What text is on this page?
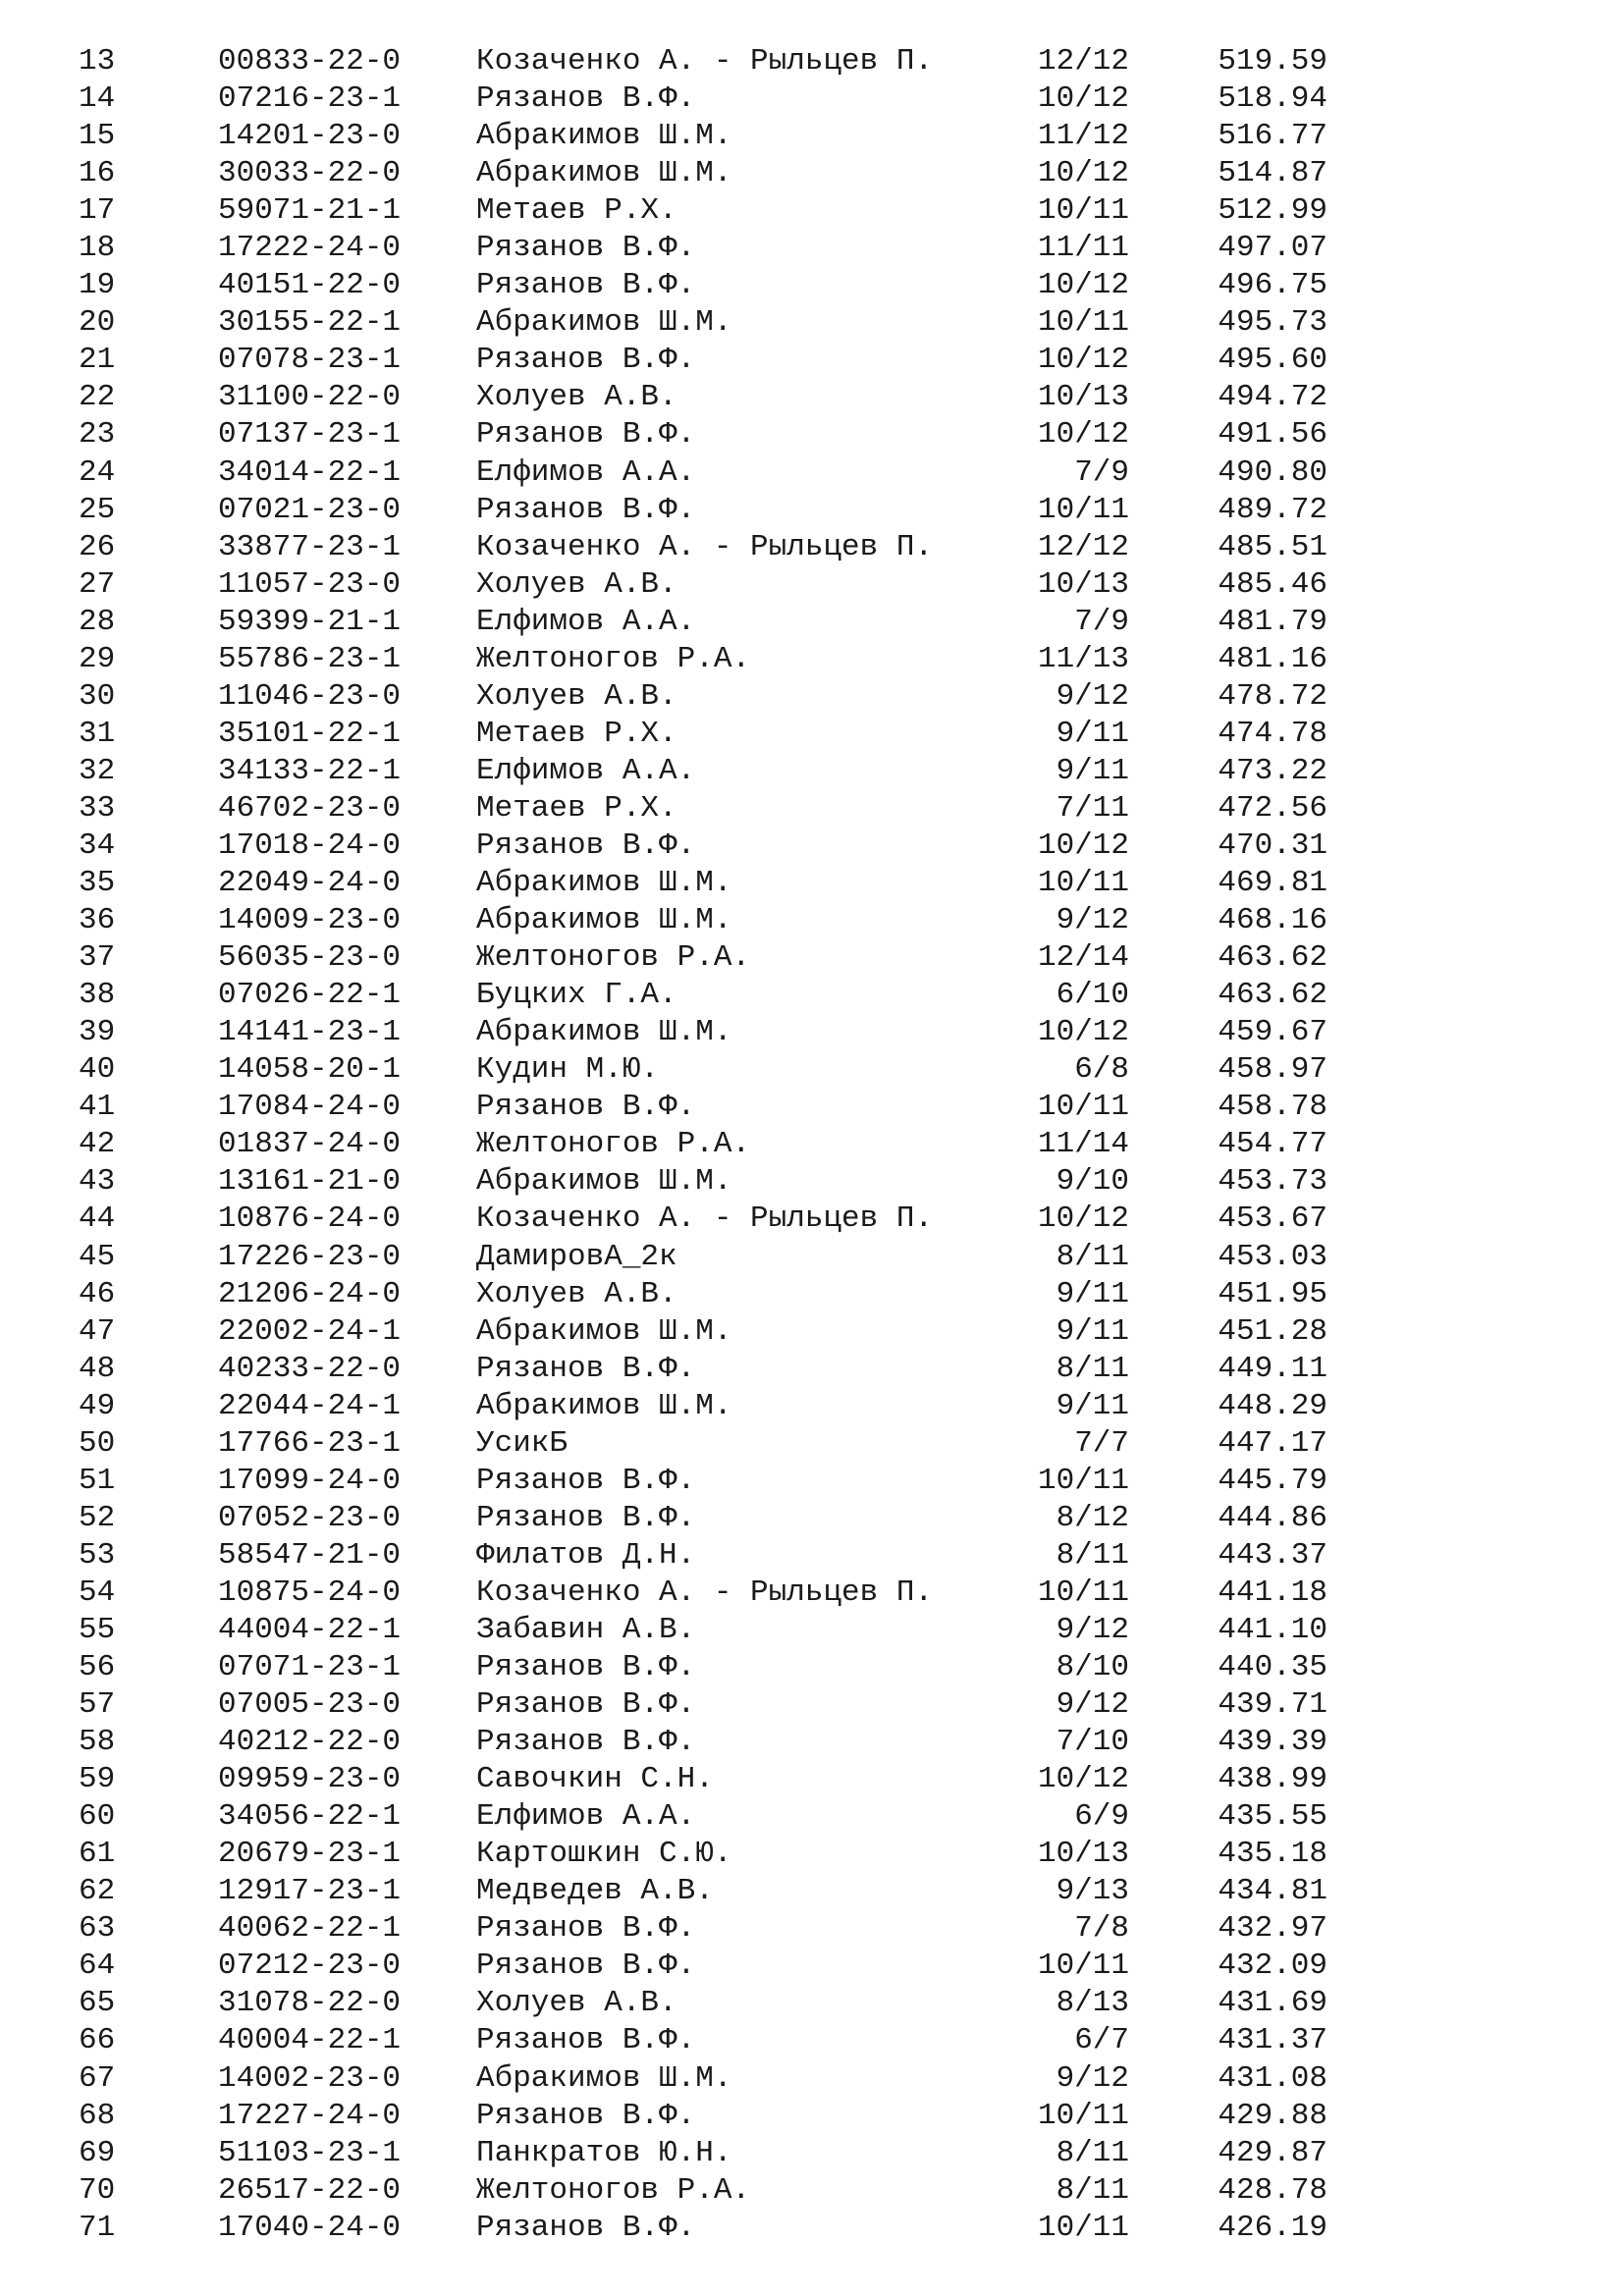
13	00833-22-0 Козаченко А. - Рыльцев П.	12/12	519.59
14	07216-23-1 Рязанов В.Ф.	10/12	518.94
15	14201-23-0 Абракимов Ш.М.	11/12	516.77
16	30033-22-0 Абракимов Ш.М.	10/12	514.87
17	59071-21-1 Метаев Р.Х.	10/11	512.99
18	17222-24-0 Рязанов В.Ф.	11/11	497.07
19	40151-22-0 Рязанов В.Ф.	10/12	496.75
20	30155-22-1 Абракимов Ш.М.	10/11	495.73
21	07078-23-1 Рязанов В.Ф.	10/12	495.60
22	31100-22-0 Холуев А.В.	10/13	494.72
23	07137-23-1 Рязанов В.Ф.	10/12	491.56
24	34014-22-1 Елфимов А.А.	7/9	490.80
25	07021-23-0 Рязанов В.Ф.	10/11	489.72
26	33877-23-1 Козаченко А. - Рыльцев П.	12/12	485.51
27	11057-23-0 Холуев А.В.	10/13	485.46
28	59399-21-1 Елфимов А.А.	7/9	481.79
29	55786-23-1 Желтоногов Р.А.	11/13	481.16
30	11046-23-0 Холуев А.В.	9/12	478.72
31	35101-22-1 Метаев Р.Х.	9/11	474.78
32	34133-22-1 Елфимов А.А.	9/11	473.22
33	46702-23-0 Метаев Р.Х.	7/11	472.56
34	17018-24-0 Рязанов В.Ф.	10/12	470.31
35	22049-24-0 Абракимов Ш.М.	10/11	469.81
36	14009-23-0 Абракимов Ш.М.	9/12	468.16
37	56035-23-0 Желтоногов Р.А.	12/14	463.62
38	07026-22-1 Буцких Г.А.	6/10	463.62
39	14141-23-1 Абракимов Ш.М.	10/12	459.67
40	14058-20-1 Кудин М.Ю.	6/8	458.97
41	17084-24-0 Рязанов В.Ф.	10/11	458.78
42	01837-24-0 Желтоногов Р.А.	11/14	454.77
43	13161-21-0 Абракимов Ш.М.	9/10	453.73
44	10876-24-0 Козаченко А. - Рыльцев П.	10/12	453.67
45	17226-23-0 ДамировА_2к	8/11	453.03
46	21206-24-0 Холуев А.В.	9/11	451.95
47	22002-24-1 Абракимов Ш.М.	9/11	451.28
48	40233-22-0 Рязанов В.Ф.	8/11	449.11
49	22044-24-1 Абракимов Ш.М.	9/11	448.29
50	17766-23-1 УсикБ	7/7	447.17
51	17099-24-0 Рязанов В.Ф.	10/11	445.79
52	07052-23-0 Рязанов В.Ф.	8/12	444.86
53	58547-21-0 Филатов Д.Н.	8/11	443.37
54	10875-24-0 Козаченко А. - Рыльцев П.	10/11	441.18
55	44004-22-1 Забавин А.В.	9/12	441.10
56	07071-23-1 Рязанов В.Ф.	8/10	440.35
57	07005-23-0 Рязанов В.Ф.	9/12	439.71
58	40212-22-0 Рязанов В.Ф.	7/10	439.39
59	09959-23-0 Савочкин С.Н.	10/12	438.99
60	34056-22-1 Елфимов А.А.	6/9	435.55
61	20679-23-1 Картошкин С.Ю.	10/13	435.18
62	12917-23-1 Медведев А.В.	9/13	434.81
63	40062-22-1 Рязанов В.Ф.	7/8	432.97
64	07212-23-0 Рязанов В.Ф.	10/11	432.09
65	31078-22-0 Холуев А.В.	8/13	431.69
66	40004-22-1 Рязанов В.Ф.	6/7	431.37
67	14002-23-0 Абракимов Ш.М.	9/12	431.08
68	17227-24-0 Рязанов В.Ф.	10/11	429.88
69	51103-23-1 Панкратов Ю.Н.	8/11	429.87
70	26517-22-0 Желтоногов Р.А.	8/11	428.78
71	17040-24-0 Рязанов В.Ф.	10/11	426.19
